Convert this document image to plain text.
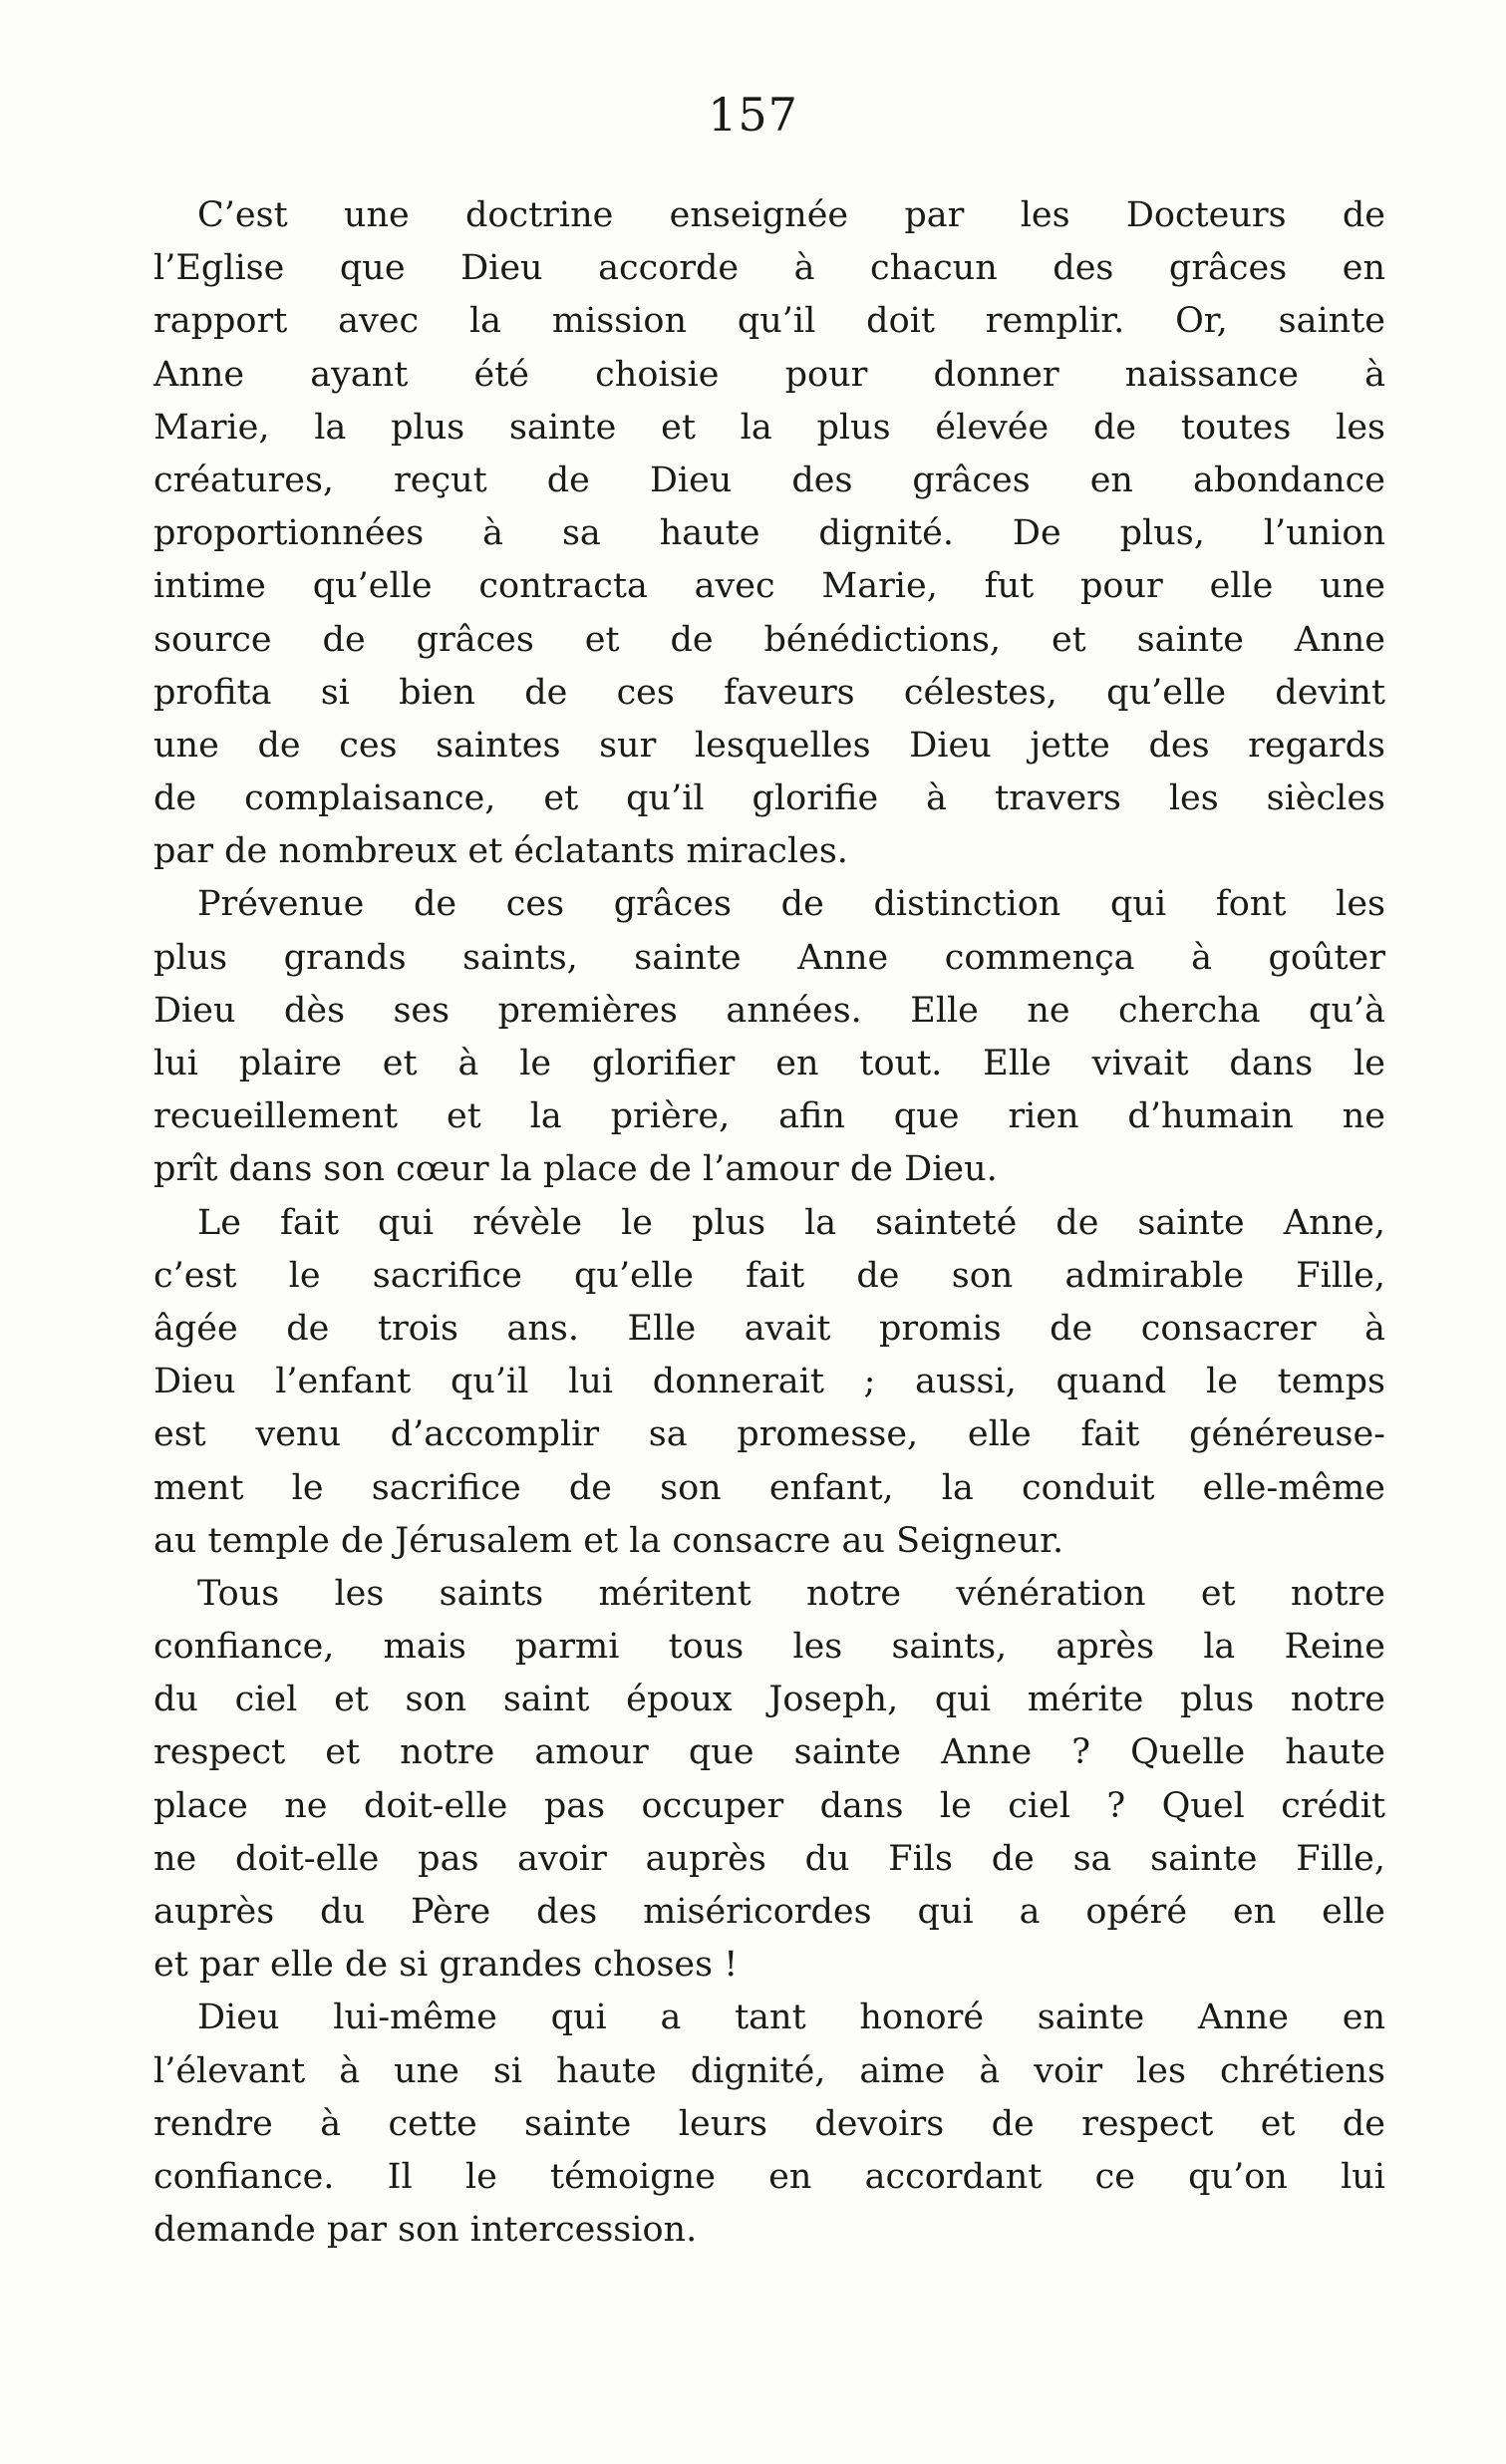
157
C’est une doctrine enseignée par les Docteurs de
l’Eglise que Dieu accorde à chacun des grâces en
rapport avec la mission qu’il doit remplir. Or, sainte
Anne ayant été choisie pour donner naissance à
Marie, la plus sainte et la plus élevée de toutes les
créatures, reçut de Dieu des grâces en abondance
proportionnées à sa haute dignité. De plus, l’union
intime qu’elle contracta avec Marie, fut pour elle une
source de grâces et de bénédictions, et sainte Anne
profita si bien de ces faveurs célestes, qu’elle devint
une de ces saintes sur lesquelles Dieu jette des regards
de complaisance, et qu’il glorifie à travers les siècles
par de nombreux et éclatants miracles.
Prévenue de ces grâces de distinction qui font les
plus grands saints, sainte Anne commença à goûter
Dieu dès ses premières années. Elle ne chercha qu’à
lui plaire et à le glorifier en tout. Elle vivait dans le
recueillement et la prière, afin que rien d’humain ne
prît dans son cœur la place de l’amour de Dieu.
Le fait qui révèle le plus la sainteté de sainte Anne,
c’est le sacrifice qu’elle fait de son admirable Fille,
âgée de trois ans. Elle avait promis de consacrer à
Dieu l’enfant qu’il lui donnerait ; aussi, quand le temps
est venu d’accomplir sa promesse, elle fait généreuse-
ment le sacrifice de son enfant, la conduit elle-même
au temple de Jérusalem et la consacre au Seigneur.
Tous les saints méritent notre vénération et notre
confiance, mais parmi tous les saints, après la Reine
du ciel et son saint époux Joseph, qui mérite plus notre
respect et notre amour que sainte Anne ? Quelle haute
place ne doit-elle pas occuper dans le ciel ? Quel crédit
ne doit-elle pas avoir auprès du Fils de sa sainte Fille,
auprès du Père des miséricordes qui a opéré en elle
et par elle de si grandes choses !
Dieu lui-même qui a tant honoré sainte Anne en
l’élevant à une si haute dignité, aime à voir les chrétiens
rendre à cette sainte leurs devoirs de respect et de
confiance. Il le témoigne en accordant ce qu’on lui
demande par son intercession.
